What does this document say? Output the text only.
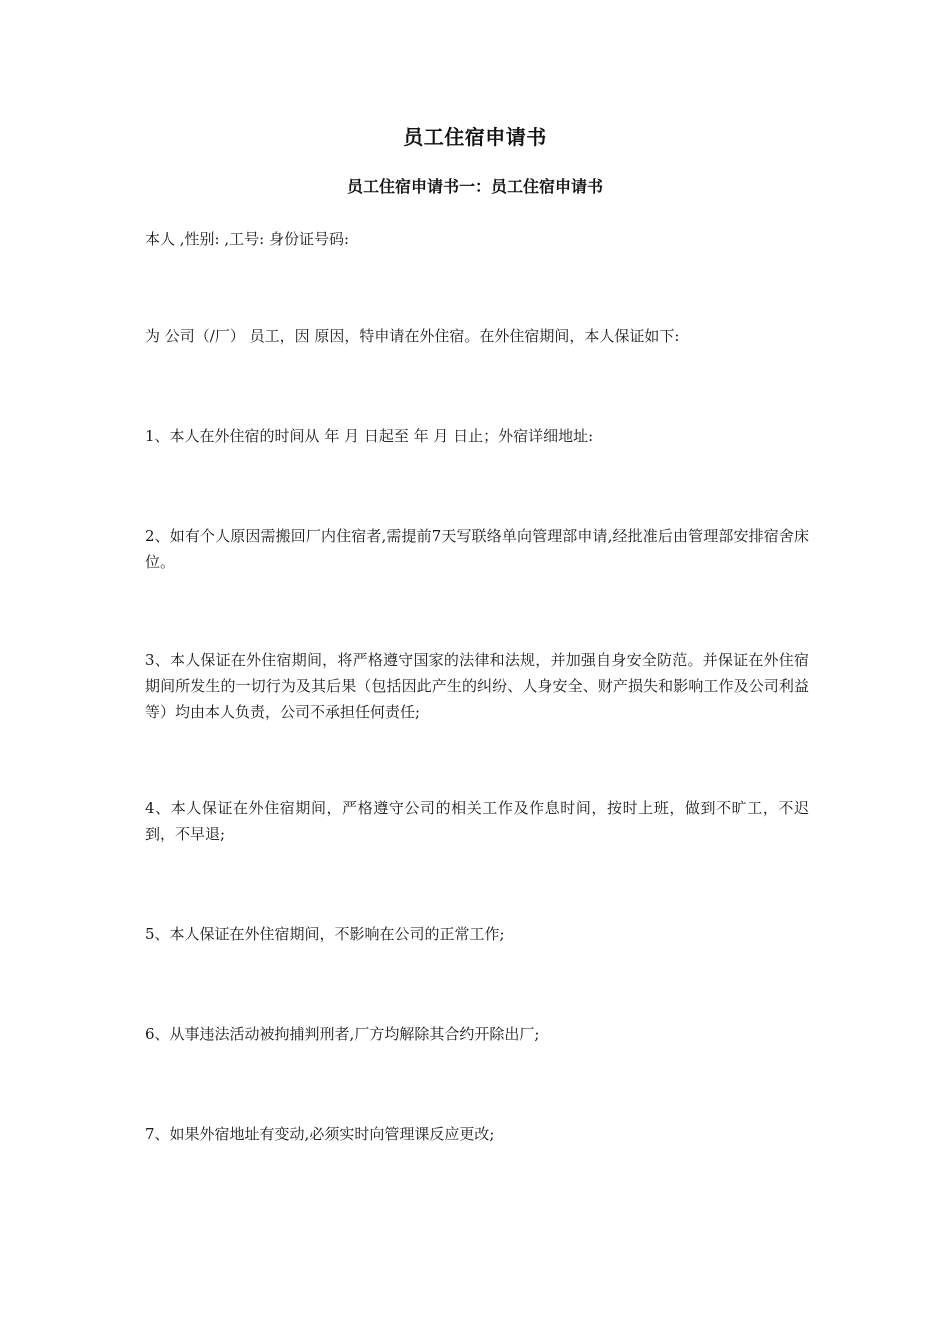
员工住宿申请书
员工住宿申请书一：员工住宿申请书
本人 ,性别: ,工号: 身份证号码:
为 公司（/厂） 员工，因 原因，特申请在外住宿。在外住宿期间，本人保证如下:
1、本人在外住宿的时间从 年 月 日起至 年 月 日止；外宿详细地址:
2、如有个人原因需搬回厂内住宿者,需提前7天写联络单向管理部申请,经批准后由管理部安排宿舍床位。
3、本人保证在外住宿期间，将严格遵守国家的法律和法规，并加强自身安全防范。并保证在外住宿期间所发生的一切行为及其后果（包括因此产生的纠纷、人身安全、财产损失和影响工作及公司利益等）均由本人负责，公司不承担任何责任;
4、本人保证在外住宿期间，严格遵守公司的相关工作及作息时间，按时上班，做到不旷工，不迟到，不早退;
5、本人保证在外住宿期间，不影响在公司的正常工作;
6、从事违法活动被拘捕判刑者,厂方均解除其合约开除出厂;
7、如果外宿地址有变动,必须实时向管理课反应更改;
